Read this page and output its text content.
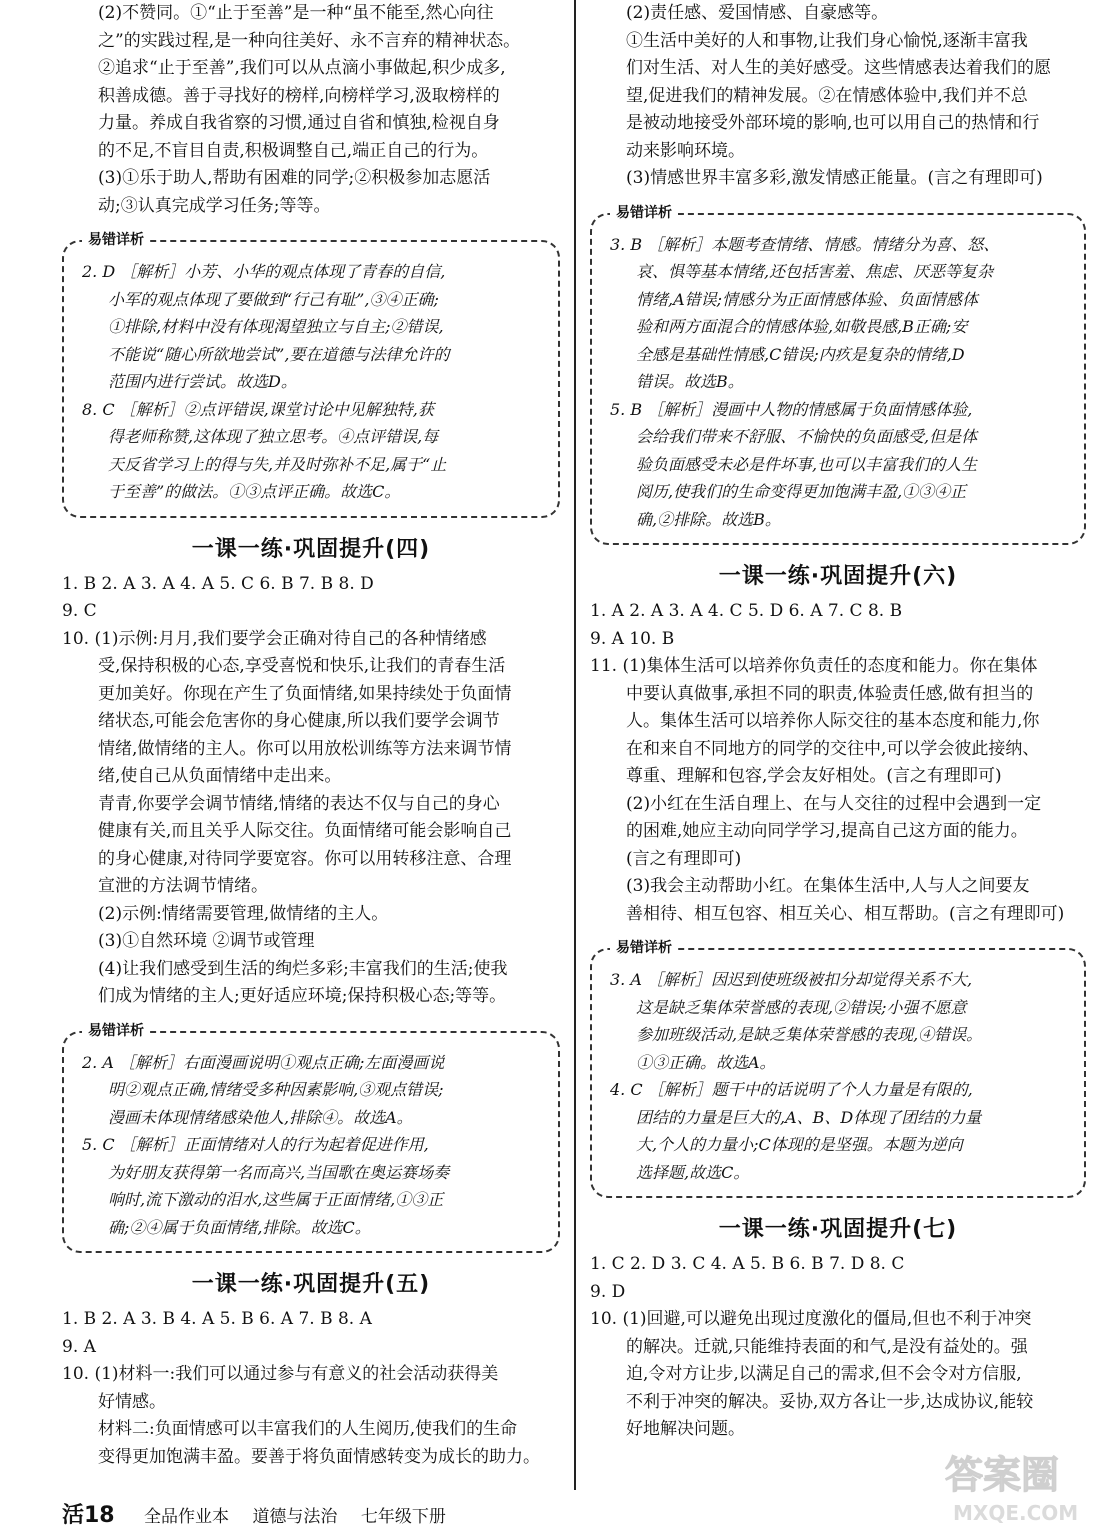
(2)不赞同。①“止于至善”是一种“虽不能至,然心向往
之”的实践过程,是一种向往美好、永不言弃的精神状态。
②追求“止于至善”,我们可以从点滴小事做起,积少成多,
积善成德。善于寻找好的榜样,向榜样学习,汲取榜样的
力量。养成自我省察的习惯,通过自省和慎独,检视自身
的不足,不盲目自责,积极调整自己,端正自己的行为。
(3)①乐于助人,帮助有困难的同学;②积极参加志愿活
动;③认真完成学习任务;等等。
易错详析
2. D ［解析］小芳、小华的观点体现了青春的自信,
小军的观点体现了要做到“行己有耻”,③④正确;
①排除,材料中没有体现渴望独立与自主;②错误,
不能说“随心所欲地尝试”,要在道德与法律允许的
范围内进行尝试。故选D。
8. C ［解析］②点评错误,课堂讨论中见解独特,获
得老师称赞,这体现了独立思考。④点评错误,每
天反省学习上的得与失,并及时弥补不足,属于“止
于至善”的做法。①③点评正确。故选C。
一课一练·巩固提升(四)
1. B 2. A 3. A 4. A 5. C 6. B 7. B 8. D
9. C
10. (1)示例:月月,我们要学会正确对待自己的各种情绪感
受,保持积极的心态,享受喜悦和快乐,让我们的青春生活
更加美好。你现在产生了负面情绪,如果持续处于负面情
绪状态,可能会危害你的身心健康,所以我们要学会调节
情绪,做情绪的主人。你可以用放松训练等方法来调节情
绪,使自己从负面情绪中走出来。
青青,你要学会调节情绪,情绪的表达不仅与自己的身心
健康有关,而且关乎人际交往。负面情绪可能会影响自己
的身心健康,对待同学要宽容。你可以用转移注意、合理
宣泄的方法调节情绪。
(2)示例:情绪需要管理,做情绪的主人。
(3)①自然环境 ②调节或管理
(4)让我们感受到生活的绚烂多彩;丰富我们的生活;使我
们成为情绪的主人;更好适应环境;保持积极心态;等等。
易错详析
2. A ［解析］右面漫画说明①观点正确;左面漫画说
明②观点正确,情绪受多种因素影响,③观点错误;
漫画未体现情绪感染他人,排除④。故选A。
5. C ［解析］正面情绪对人的行为起着促进作用,
为好朋友获得第一名而高兴,当国歌在奥运赛场奏
响时,流下激动的泪水,这些属于正面情绪,①③正
确;②④属于负面情绪,排除。故选C。
一课一练·巩固提升(五)
1. B 2. A 3. B 4. A 5. B 6. A 7. B 8. A
9. A
10. (1)材料一:我们可以通过参与有意义的社会活动获得美
好情感。
材料二:负面情感可以丰富我们的人生阅历,使我们的生命
变得更加饱满丰盈。要善于将负面情感转变为成长的助力。
(2)责任感、爱国情感、自豪感等。
①生活中美好的人和事物,让我们身心愉悦,逐渐丰富我
们对生活、对人生的美好感受。这些情感表达着我们的愿
望,促进我们的精神发展。②在情感体验中,我们并不总
是被动地接受外部环境的影响,也可以用自己的热情和行
动来影响环境。
(3)情感世界丰富多彩,激发情感正能量。(言之有理即可)
易错详析
3. B ［解析］本题考查情绪、情感。情绪分为喜、怒、
哀、惧等基本情绪,还包括害羞、焦虑、厌恶等复杂
情绪,A错误;情感分为正面情感体验、负面情感体
验和两方面混合的情感体验,如敬畏感,B正确;安
全感是基础性情感,C错误;内疚是复杂的情绪,D
错误。故选B。
5. B ［解析］漫画中人物的情感属于负面情感体验,
会给我们带来不舒服、不愉快的负面感受,但是体
验负面感受未必是件坏事,也可以丰富我们的人生
阅历,使我们的生命变得更加饱满丰盈,①③④正
确,②排除。故选B。
一课一练·巩固提升(六)
1. A 2. A 3. A 4. C 5. D 6. A 7. C 8. B
9. A 10. B
11. (1)集体生活可以培养你负责任的态度和能力。你在集体
中要认真做事,承担不同的职责,体验责任感,做有担当的
人。集体生活可以培养你人际交往的基本态度和能力,你
在和来自不同地方的同学的交往中,可以学会彼此接纳、
尊重、理解和包容,学会友好相处。(言之有理即可)
(2)小红在生活自理上、在与人交往的过程中会遇到一定
的困难,她应主动向同学学习,提高自己这方面的能力。
(言之有理即可)
(3)我会主动帮助小红。在集体生活中,人与人之间要友
善相待、相互包容、相互关心、相互帮助。(言之有理即可)
易错详析
3. A ［解析］因迟到使班级被扣分却觉得关系不大,
这是缺乏集体荣誉感的表现,②错误;小强不愿意
参加班级活动,是缺乏集体荣誉感的表现,④错误。
①③正确。故选A。
4. C ［解析］题干中的话说明了个人力量是有限的,
团结的力量是巨大的,A、B、D体现了团结的力量
大,个人的力量小;C体现的是坚强。本题为逆向
选择题,故选C。
一课一练·巩固提升(七)
1. C 2. D 3. C 4. A 5. B 6. B 7. D 8. C
9. D
10. (1)回避,可以避免出现过度激化的僵局,但也不利于冲突
的解决。迁就,只能维持表面的和气,是没有益处的。强
迫,令对方让步,以满足自己的需求,但不会令对方信服,
不利于冲突的解决。妥协,双方各让一步,达成协议,能较
好地解决问题。
活18 全品作业本 道德与法治 七年级下册
答案圈
MXQE.COM
